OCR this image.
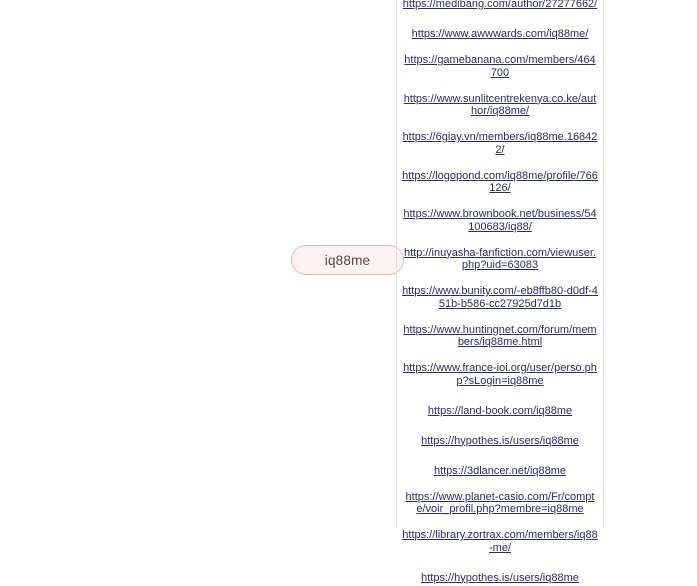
iq88me
https://medibang.com/author/27277662/
https://www.awwwards.com/iq88me/
https://gamebanana.com/members/464700
https://www.sunlitcentrekenya.co.ke/author/iq88me/
https://6giay.vn/members/iq88me.168422/
https://logopond.com/iq88me/profile/766126/
https://www.brownbook.net/business/54100683/iq88/
http://inuyasha-fanfiction.com/viewuser.php?uid=63083
https://www.bunity.com/-eb8ffb80-d0df-451b-b586-cc27925d7d1b
https://www.huntingnet.com/forum/members/iq88me.html
https://www.france-ioi.org/user/perso.php?sLogin=iq88me
https://land-book.com/iq88me
https://hypothes.is/users/iq88me
https://3dlancer.net/iq88me
https://www.planet-casio.com/Fr/compte/voir_profil.php?membre=iq88me
https://library.zortrax.com/members/iq88-me/
https://hypothes.is/users/iq88me
